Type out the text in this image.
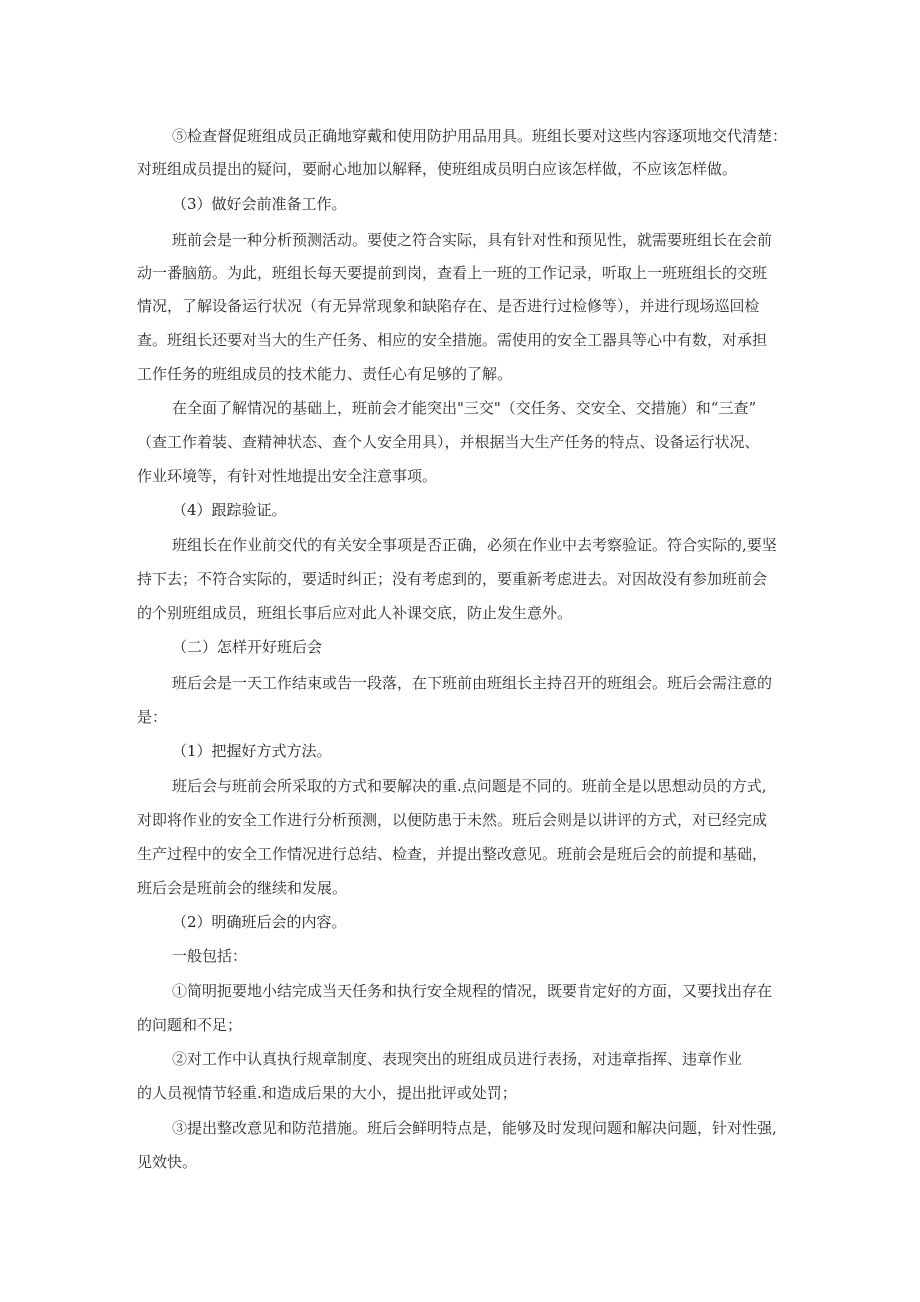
⑤检查督促班组成员正确地穿戴和使用防护用品用具。班组长要对这些内容逐项地交代清楚：

对班组成员提出的疑问，要耐心地加以解释，使班组成员明白应该怎样做，不应该怎样做。

（3）做好会前准备工作。

班前会是一种分析预测活动。要使之符合实际，具有针对性和预见性，就需要班组长在会前

动一番脑筋。为此，班组长每天要提前到岗，查看上一班的工作记录，听取上一班班组长的交班

情况，了解设备运行状况（有无异常现象和缺陷存在、是否进行过检修等），并进行现场巡回检

查。班组长还要对当大的生产任务、相应的安全措施。需使用的安全工器具等心中有数，对承担

工作任务的班组成员的技术能力、责任心有足够的了解。

在全面了解情况的基础上，班前会才能突出"三交"（交任务、交安全、交措施）和“三查”

（查工作着装、查精神状态、查个人安全用具），并根据当大生产任务的特点、设备运行状况、

作业环境等，有针对性地提出安全注意事项。

（4）跟踪验证。

班组长在作业前交代的有关安全事项是否正确，必须在作业中去考察验证。符合实际的,要坚

持下去；不符合实际的，要适时纠正；没有考虑到的，要重新考虑进去。对因故没有参加班前会

的个别班组成员，班组长事后应对此人补课交底，防止发生意外。

（二）怎样开好班后会

班后会是一天工作结束或告一段落，在下班前由班组长主持召开的班组会。班后会需注意的

是：

（1）把握好方式方法。

班后会与班前会所采取的方式和要解决的重.点问题是不同的。班前全是以思想动员的方式,

对即将作业的安全工作进行分析预测，以便防患于未然。班后会则是以讲评的方式，对已经完成

生产过程中的安全工作情况进行总结、检查，并提出整改意见。班前会是班后会的前提和基础，

班后会是班前会的继续和发展。

（2）明确班后会的内容。

一般包括：

①简明扼要地小结完成当天任务和执行安全规程的情况，既要肯定好的方面，又要找出存在

的问题和不足；

②对工作中认真执行规章制度、表现突出的班组成员进行表扬，对违章指挥、违章作业

的人员视情节轻重.和造成后果的大小，提出批评或处罚；

③提出整改意见和防范措施。班后会鲜明特点是，能够及时发现问题和解决问题，针对性强,

见效快。
